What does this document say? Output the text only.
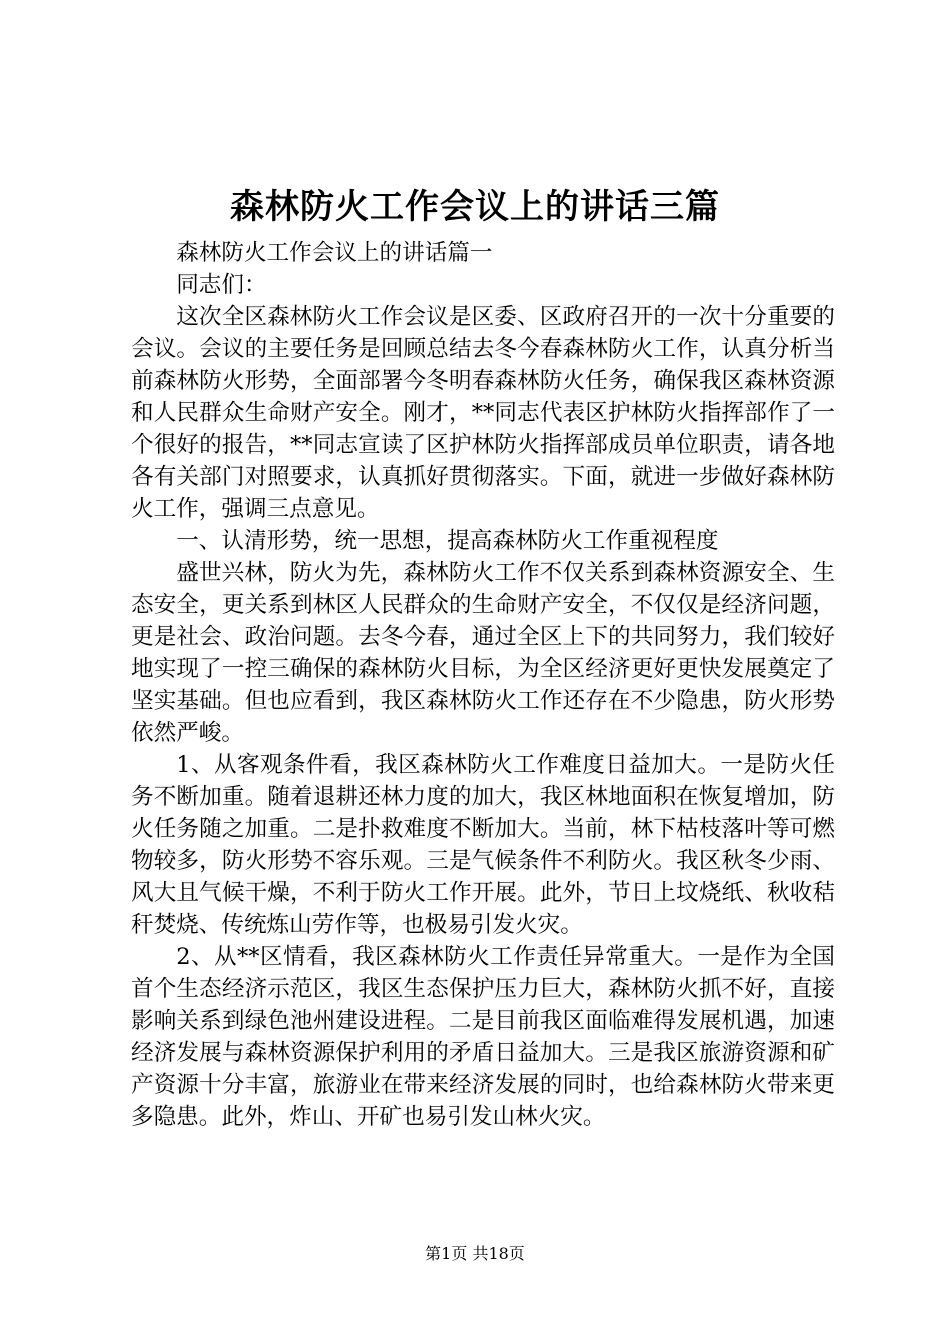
森林防火工作会议上的讲话三篇

森林防火工作会议上的讲话篇一

同志们：

这次全区森林防火工作会议是区委、区政府召开的一次十分重要的会议。会议的主要任务是回顾总结去冬今春森林防火工作，认真分析当前森林防火形势，全面部署今冬明春森林防火任务，确保我区森林资源和人民群众生命财产安全。刚才，**同志代表区护林防火指挥部作了一个很好的报告，**同志宣读了区护林防火指挥部成员单位职责，请各地各有关部门对照要求，认真抓好贯彻落实。下面，就进一步做好森林防火工作，强调三点意见。

一、认清形势，统一思想，提高森林防火工作重视程度

盛世兴林，防火为先，森林防火工作不仅关系到森林资源安全、生态安全，更关系到林区人民群众的生命财产安全，不仅仅是经济问题，更是社会、政治问题。去冬今春，通过全区上下的共同努力，我们较好地实现了一控三确保的森林防火目标，为全区经济更好更快发展奠定了坚实基础。但也应看到，我区森林防火工作还存在不少隐患，防火形势依然严峻。

1、从客观条件看，我区森林防火工作难度日益加大。一是防火任务不断加重。随着退耕还林力度的加大，我区林地面积在恢复增加，防火任务随之加重。二是扑救难度不断加大。当前，林下枯枝落叶等可燃物较多，防火形势不容乐观。三是气候条件不利防火。我区秋冬少雨、风大且气候干燥，不利于防火工作开展。此外，节日上坟烧纸、秋收秸秆焚烧、传统炼山劳作等，也极易引发火灾。

2、从**区情看，我区森林防火工作责任异常重大。一是作为全国首个生态经济示范区，我区生态保护压力巨大，森林防火抓不好，直接影响关系到绿色池州建设进程。二是目前我区面临难得发展机遇，加速经济发展与森林资源保护利用的矛盾日益加大。三是我区旅游资源和矿产资源十分丰富，旅游业在带来经济发展的同时，也给森林防火带来更多隐患。此外，炸山、开矿也易引发山林火灾。

第1页 共18页
